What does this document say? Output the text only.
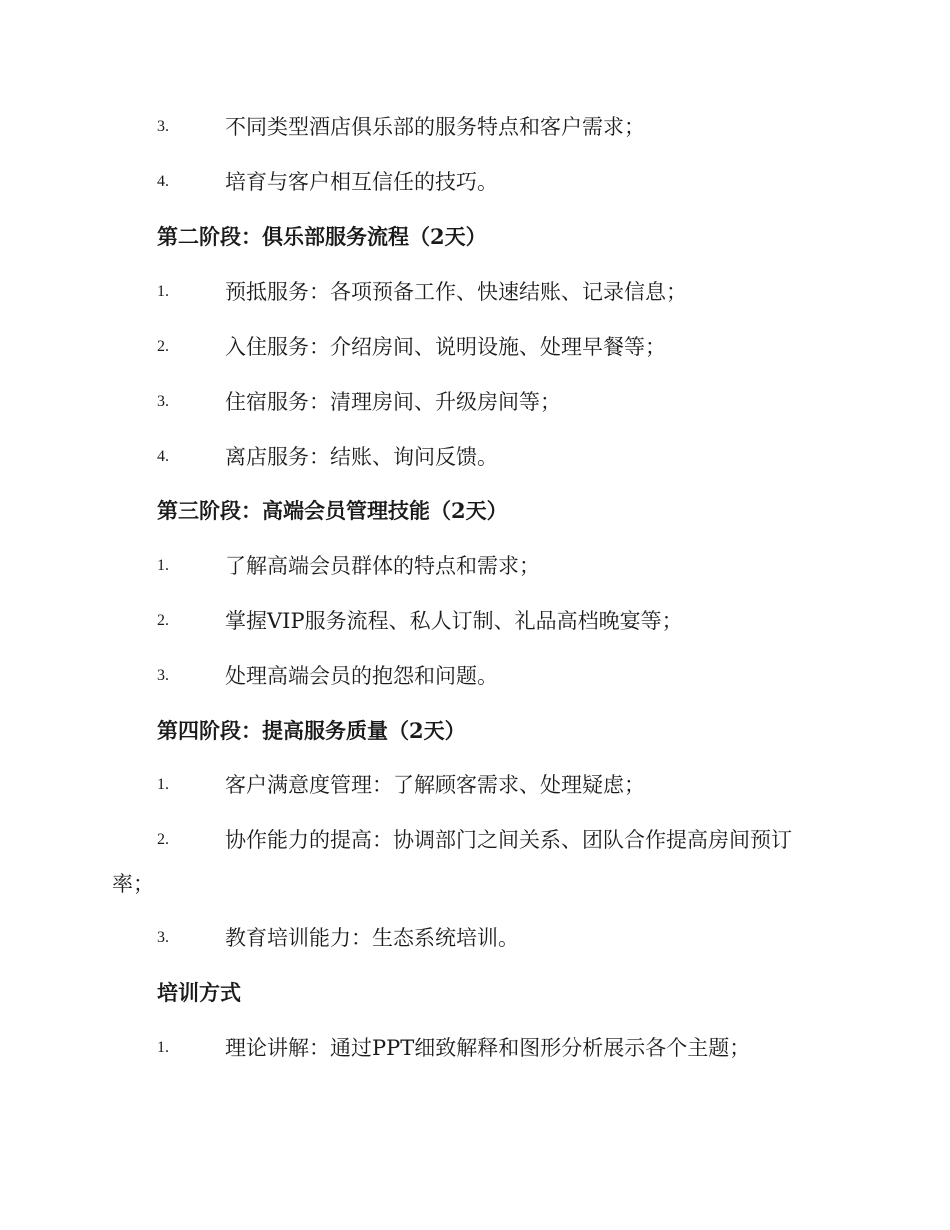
3.	不同类型酒店俱乐部的服务特点和客户需求；
4.	培育与客户相互信任的技巧。
第二阶段：俱乐部服务流程（2天）
1.	预抵服务：各项预备工作、快速结账、记录信息；
2.	入住服务：介绍房间、说明设施、处理早餐等；
3.	住宿服务：清理房间、升级房间等；
4.	离店服务：结账、询问反馈。
第三阶段：高端会员管理技能（2天）
1.	了解高端会员群体的特点和需求；
2.	掌握VIP服务流程、私人订制、礼品高档晚宴等；
3.	处理高端会员的抱怨和问题。
第四阶段：提高服务质量（2天）
1.	客户满意度管理：了解顾客需求、处理疑虑；
2.	协作能力的提高：协调部门之间关系、团队合作提高房间预订
率；
3.	教育培训能力：生态系统培训。
培训方式
1.	理论讲解：通过PPT细致解释和图形分析展示各个主题；
